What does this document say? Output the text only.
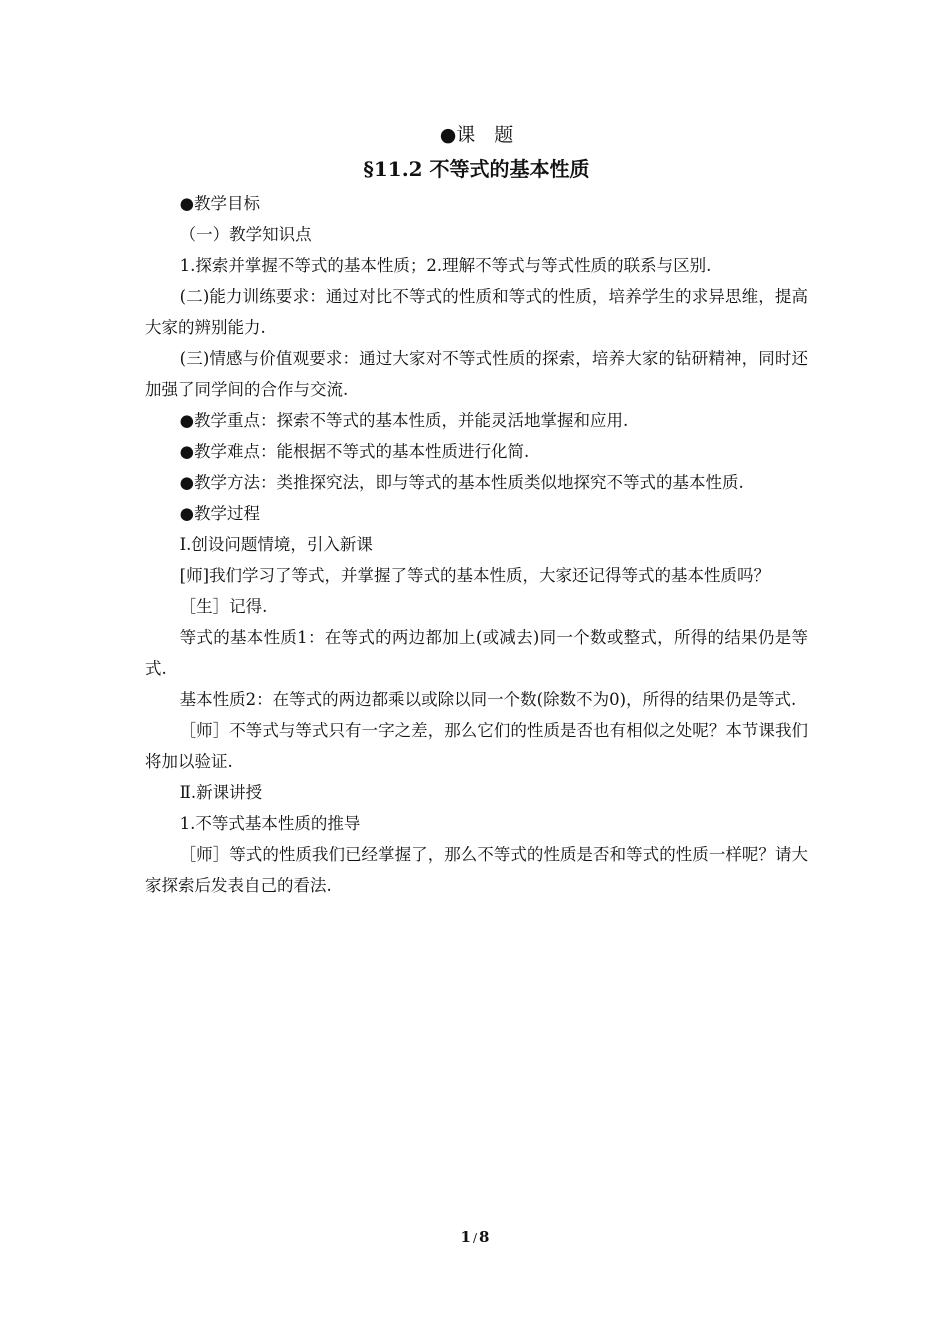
●课　题

§11.2 不等式的基本性质

●教学目标

（一）教学知识点

1.探索并掌握不等式的基本性质；2.理解不等式与等式性质的联系与区别.

(二)能力训练要求：通过对比不等式的性质和等式的性质，培养学生的求异思维，提高大家的辨别能力.

(三)情感与价值观要求：通过大家对不等式性质的探索，培养大家的钻研精神，同时还加强了同学间的合作与交流.

●教学重点：探索不等式的基本性质，并能灵活地掌握和应用.

●教学难点：能根据不等式的基本性质进行化简.

●教学方法：类推探究法，即与等式的基本性质类似地探究不等式的基本性质.

●教学过程

Ⅰ.创设问题情境，引入新课

[师]我们学习了等式，并掌握了等式的基本性质，大家还记得等式的基本性质吗？

［生］记得.

等式的基本性质1：在等式的两边都加上(或减去)同一个数或整式，所得的结果仍是等式.

基本性质2：在等式的两边都乘以或除以同一个数(除数不为0)，所得的结果仍是等式.

［师］不等式与等式只有一字之差，那么它们的性质是否也有相似之处呢？本节课我们将加以验证.

Ⅱ.新课讲授

1.不等式基本性质的推导

［师］等式的性质我们已经掌握了，那么不等式的性质是否和等式的性质一样呢？请大家探索后发表自己的看法.

1 / 8
